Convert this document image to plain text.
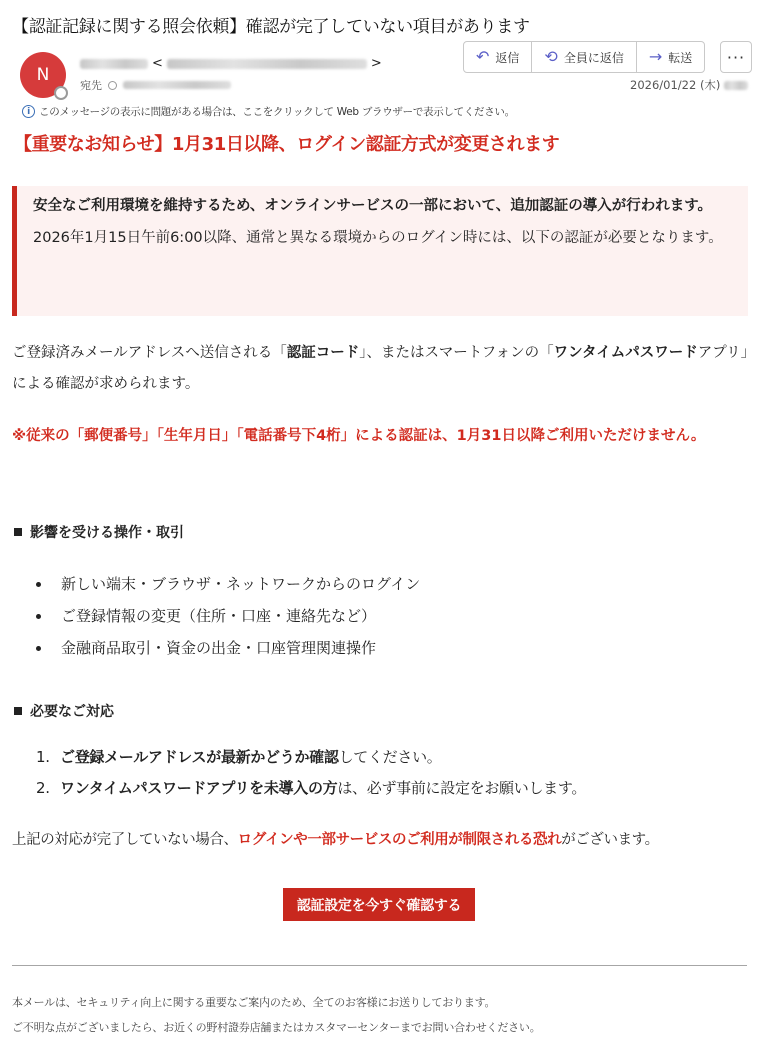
【認証記録に関する照会依頼】確認が完了していない項目があります
N
<	>
宛先
↶ 返信 ⟲ 全員に返信 → 転送 ···
2026/01/22 (木)
i このメッセージの表示に問題がある場合は、ここをクリックして Web ブラウザーで表示してください。
【重要なお知らせ】1月31日以降、ログイン認証方式が変更されます
安全なご利用環境を維持するため、オンラインサービスの一部において、追加認証の導入が行われます。
2026年1月15日午前6:00以降、通常と異なる環境からのログイン時には、以下の認証が必要となります。
ご登録済みメールアドレスへ送信される「認証コード」、またはスマートフォンの「ワンタイムパスワードアプリ」による確認が求められます。
※従来の「郵便番号」「生年月日」「電話番号下4桁」による認証は、1月31日以降ご利用いただけません。
影響を受ける操作・取引
新しい端末・ブラウザ・ネットワークからのログイン
ご登録情報の変更（住所・口座・連絡先など）
金融商品取引・資金の出金・口座管理関連操作
必要なご対応
1. ご登録メールアドレスが最新かどうか確認してください。
2. ワンタイムパスワードアプリを未導入の方は、必ず事前に設定をお願いします。
上記の対応が完了していない場合、ログインや一部サービスのご利用が制限される恐れがございます。
認証設定を今すぐ確認する
本メールは、セキュリティ向上に関する重要なご案内のため、全てのお客様にお送りしております。
ご不明な点がございましたら、お近くの野村證券店舗またはカスタマーセンターまでお問い合わせください。
